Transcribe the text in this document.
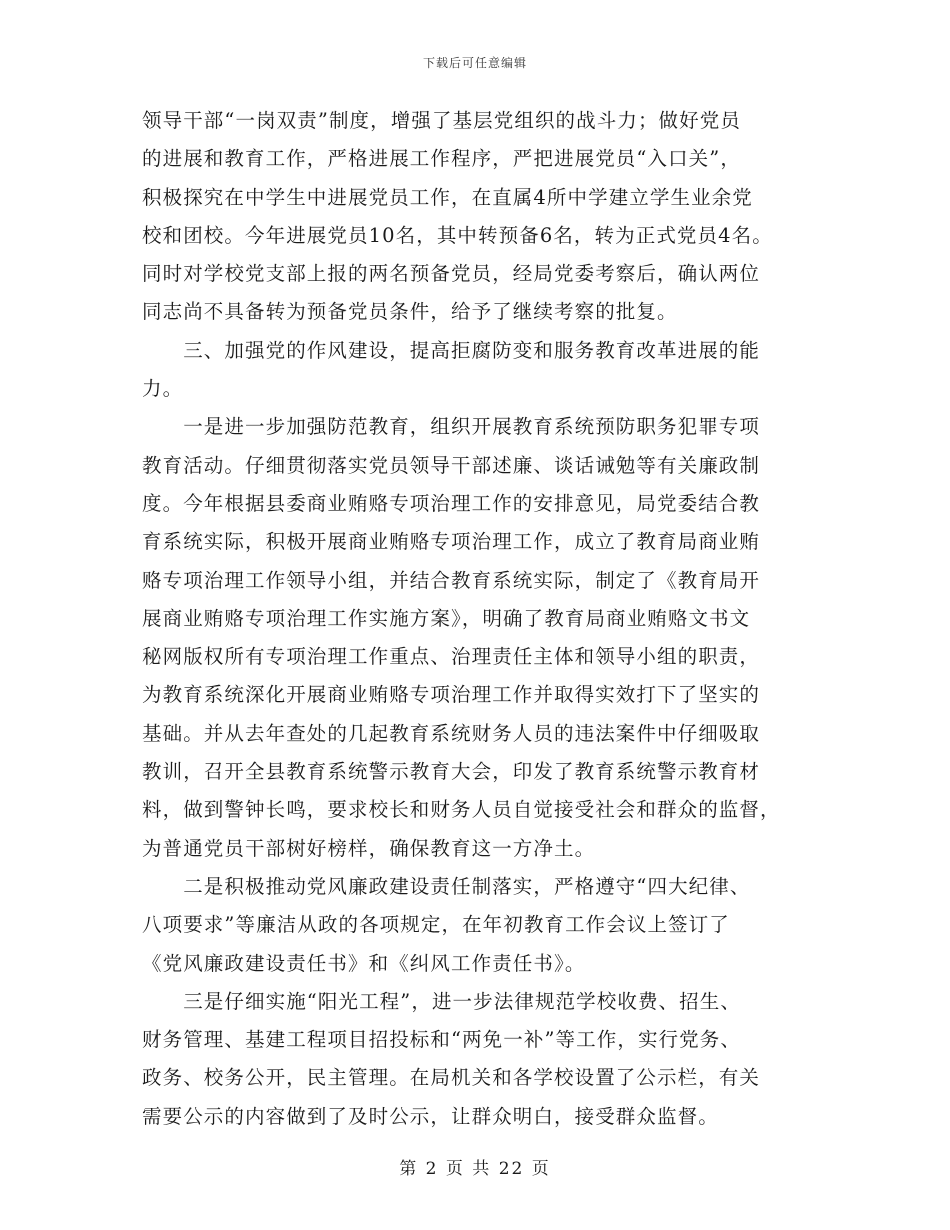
下载后可任意编辑
领导干部“一岗双责”制度，增强了基层党组织的战斗力；做好党员
的进展和教育工作，严格进展工作程序，严把进展党员“入口关”，
积极探究在中学生中进展党员工作，在直属4所中学建立学生业余党
校和团校。今年进展党员10名，其中转预备6名，转为正式党员4名。
同时对学校党支部上报的两名预备党员，经局党委考察后，确认两位
同志尚不具备转为预备党员条件，给予了继续考察的批复。
　　三、加强党的作风建设，提高拒腐防变和服务教育改革进展的能
力。
　　一是进一步加强防范教育，组织开展教育系统预防职务犯罪专项
教育活动。仔细贯彻落实党员领导干部述廉、谈话诫勉等有关廉政制
度。今年根据县委商业贿赂专项治理工作的安排意见，局党委结合教
育系统实际，积极开展商业贿赂专项治理工作，成立了教育局商业贿
赂专项治理工作领导小组，并结合教育系统实际，制定了《教育局开
展商业贿赂专项治理工作实施方案》，明确了教育局商业贿赂文书文
秘网版权所有专项治理工作重点、治理责任主体和领导小组的职责，
为教育系统深化开展商业贿赂专项治理工作并取得实效打下了坚实的
基础。并从去年查处的几起教育系统财务人员的违法案件中仔细吸取
教训，召开全县教育系统警示教育大会，印发了教育系统警示教育材
料，做到警钟长鸣，要求校长和财务人员自觉接受社会和群众的监督，
为普通党员干部树好榜样，确保教育这一方净土。
　　二是积极推动党风廉政建设责任制落实，严格遵守“四大纪律、
八项要求”等廉洁从政的各项规定，在年初教育工作会议上签订了
《党风廉政建设责任书》和《纠风工作责任书》。
　　三是仔细实施“阳光工程”，进一步法律规范学校收费、招生、
财务管理、基建工程项目招投标和“两免一补”等工作，实行党务、
政务、校务公开，民主管理。在局机关和各学校设置了公示栏，有关
需要公示的内容做到了及时公示，让群众明白，接受群众监督。
第 2 页 共 22 页
